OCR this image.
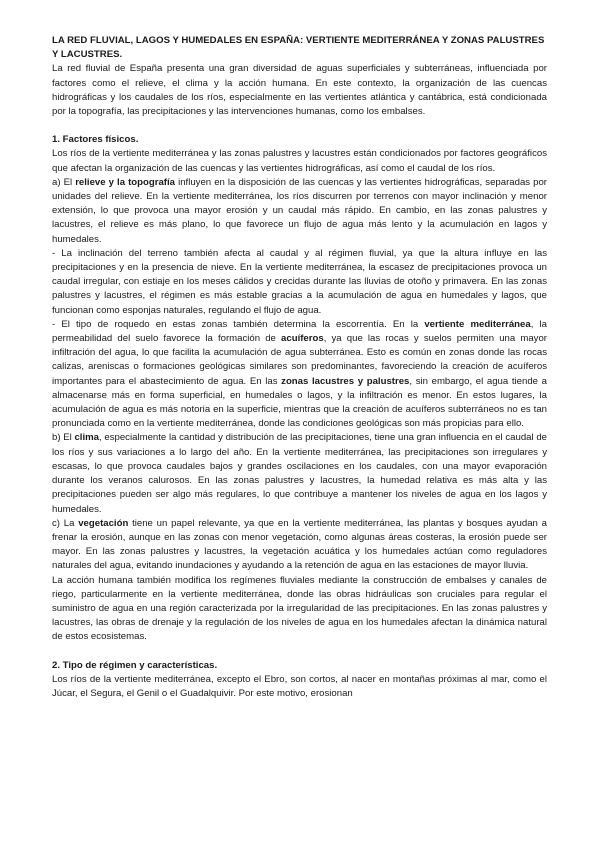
LA RED FLUVIAL, LAGOS Y HUMEDALES EN ESPAÑA: VERTIENTE MEDITERRÁNEA Y ZONAS PALUSTRES Y LACUSTRES.

La red fluvial de España presenta una gran diversidad de aguas superficiales y subterráneas, influenciada por factores como el relieve, el clima y la acción humana. En este contexto, la organización de las cuencas hidrográficas y los caudales de los ríos, especialmente en las vertientes atlántica y cantábrica, está condicionada por la topografía, las precipitaciones y las intervenciones humanas, como los embalses.

1. Factores físicos.

Los ríos de la vertiente mediterránea y las zonas palustres y lacustres están condicionados por factores geográficos que afectan la organización de las cuencas y las vertientes hidrográficas, así como el caudal de los ríos.

a) El relieve y la topografía influyen en la disposición de las cuencas y las vertientes hidrográficas, separadas por unidades del relieve. En la vertiente mediterránea, los ríos discurren por terrenos con mayor inclinación y menor extensión, lo que provoca una mayor erosión y un caudal más rápido. En cambio, en las zonas palustres y lacustres, el relieve es más plano, lo que favorece un flujo de agua más lento y la acumulación en lagos y humedales.

- La inclinación del terreno también afecta al caudal y al régimen fluvial, ya que la altura influye en las precipitaciones y en la presencia de nieve. En la vertiente mediterránea, la escasez de precipitaciones provoca un caudal irregular, con estiaje en los meses cálidos y crecidas durante las lluvias de otoño y primavera. En las zonas palustres y lacustres, el régimen es más estable gracias a la acumulación de agua en humedales y lagos, que funcionan como esponjas naturales, regulando el flujo de agua.

- El tipo de roquedo en estas zonas también determina la escorrentía. En la vertiente mediterránea, la permeabilidad del suelo favorece la formación de acuíferos, ya que las rocas y suelos permiten una mayor infiltración del agua, lo que facilita la acumulación de agua subterránea. Esto es común en zonas donde las rocas calizas, areniscas o formaciones geológicas similares son predominantes, favoreciendo la creación de acuíferos importantes para el abastecimiento de agua. En las zonas lacustres y palustres, sin embargo, el agua tiende a almacenarse más en forma superficial, en humedales o lagos, y la infiltración es menor. En estos lugares, la acumulación de agua es más notoria en la superficie, mientras que la creación de acuíferos subterráneos no es tan pronunciada como en la vertiente mediterránea, donde las condiciones geológicas son más propicias para ello.

b) El clima, especialmente la cantidad y distribución de las precipitaciones, tiene una gran influencia en el caudal de los ríos y sus variaciones a lo largo del año. En la vertiente mediterránea, las precipitaciones son irregulares y escasas, lo que provoca caudales bajos y grandes oscilaciones en los caudales, con una mayor evaporación durante los veranos calurosos. En las zonas palustres y lacustres, la humedad relativa es más alta y las precipitaciones pueden ser algo más regulares, lo que contribuye a mantener los niveles de agua en los lagos y humedales.

c) La vegetación tiene un papel relevante, ya que en la vertiente mediterránea, las plantas y bosques ayudan a frenar la erosión, aunque en las zonas con menor vegetación, como algunas áreas costeras, la erosión puede ser mayor. En las zonas palustres y lacustres, la vegetación acuática y los humedales actúan como reguladores naturales del agua, evitando inundaciones y ayudando a la retención de agua en las estaciones de mayor lluvia.

La acción humana también modifica los regímenes fluviales mediante la construcción de embalses y canales de riego, particularmente en la vertiente mediterránea, donde las obras hidráulicas son cruciales para regular el suministro de agua en una región caracterizada por la irregularidad de las precipitaciones. En las zonas palustres y lacustres, las obras de drenaje y la regulación de los niveles de agua en los humedales afectan la dinámica natural de estos ecosistemas.

2. Tipo de régimen y características.

Los ríos de la vertiente mediterránea, excepto el Ebro, son cortos, al nacer en montañas próximas al mar, como el Júcar, el Segura, el Genil o el Guadalquivir. Por este motivo, erosionan
